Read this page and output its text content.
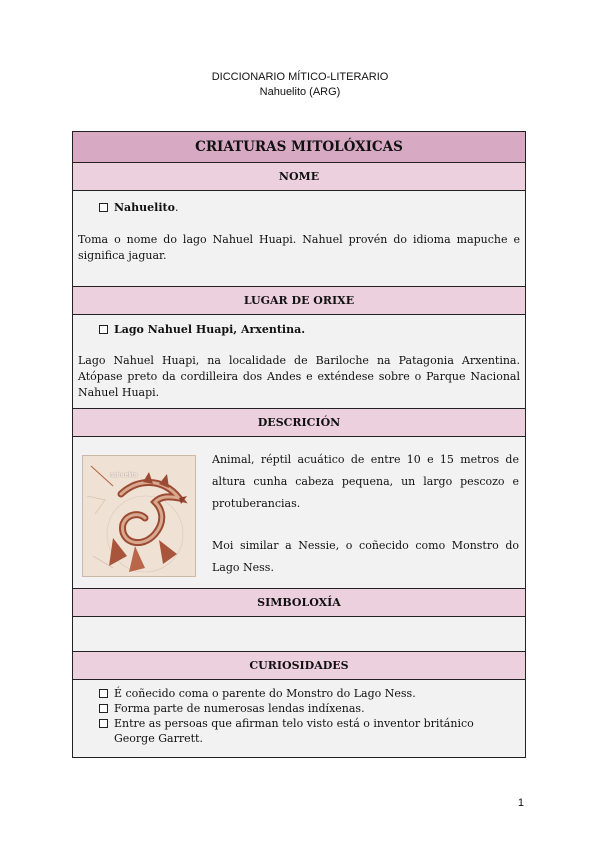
DICCIONARIO MÍTICO-LITERARIO
Nahuelito (ARG)
CRIATURAS MITOLÓXICAS
NOME
Nahuelito.
Toma o nome do lago Nahuel Huapi. Nahuel provén do idioma mapuche e significa jaguar.
LUGAR DE ORIXE
Lago Nahuel Huapi, Arxentina.
Lago Nahuel Huapi, na localidade de Bariloche na Patagonia Arxentina. Atópase preto da cordilleira dos Andes e exténdese sobre o Parque Nacional Nahuel Huapi.
DESCRICIÓN
nahuelito
Animal, réptil acuático de entre 10 e 15 metros de altura cunha cabeza pequena, un largo pescozo e protuberancias.
Moi similar a Nessie, o coñecido como Monstro do Lago Ness.
SIMBOLOXÍA
CURIOSIDADES
É coñecido coma o parente do Monstro do Lago Ness.
Forma parte de numerosas lendas indíxenas.
Entre as persoas que afirman telo visto está o inventor británico George Garrett.
1
